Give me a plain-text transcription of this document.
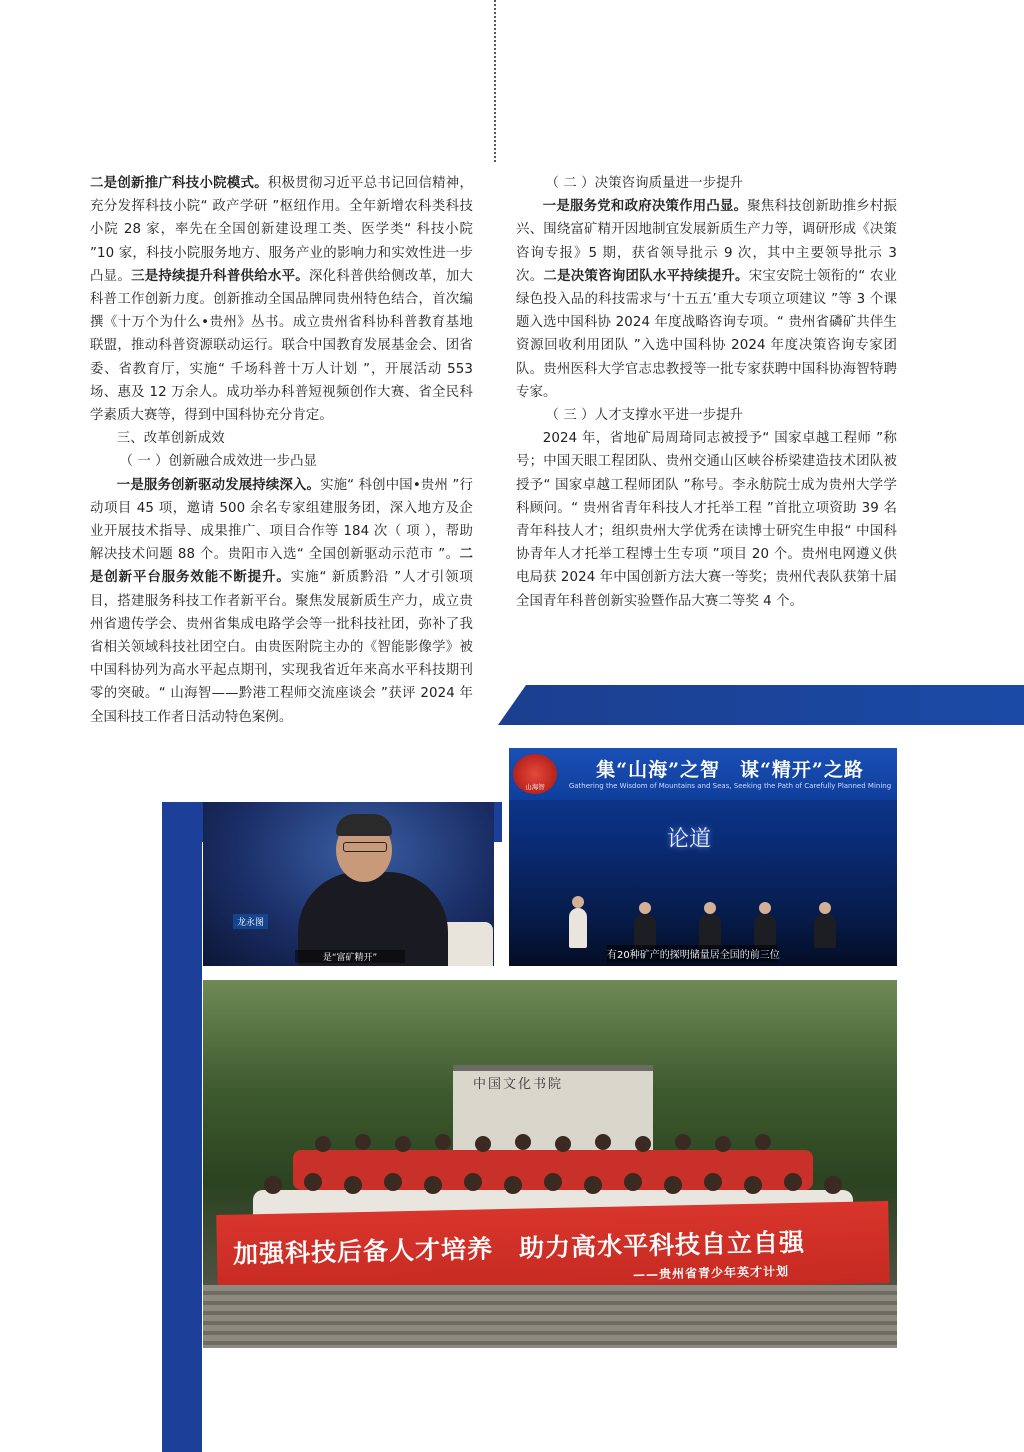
二是创新推广科技小院模式。积极贯彻习近平总书记回信精神，充分发挥科技小院“ 政产学研 ”枢纽作用。全年新增农科类科技小院 28 家，率先在全国创新建设理工类、医学类“ 科技小院 ”10 家，科技小院服务地方、服务产业的影响力和实效性进一步凸显。三是持续提升科普供给水平。深化科普供给侧改革，加大科普工作创新力度。创新推动全国品牌同贵州特色结合，首次编撰《十万个为什么•贵州》丛书。成立贵州省科协科普教育基地联盟，推动科普资源联动运行。联合中国教育发展基金会、团省委、省教育厅，实施“ 千场科普十万人计划 ”，开展活动 553 场、惠及 12 万余人。成功举办科普短视频创作大赛、省全民科学素质大赛等，得到中国科协充分肯定。

三、改革创新成效

（ 一 ）创新融合成效进一步凸显

一是服务创新驱动发展持续深入。实施“ 科创中国•贵州 ”行动项目 45 项，邀请 500 余名专家组建服务团，深入地方及企业开展技术指导、成果推广、项目合作等 184 次（ 项 ），帮助解决技术问题 88 个。贵阳市入选“ 全国创新驱动示范市 ”。二是创新平台服务效能不断提升。实施“ 新质黔沿 ”人才引领项目，搭建服务科技工作者新平台。聚焦发展新质生产力，成立贵州省遗传学会、贵州省集成电路学会等一批科技社团，弥补了我省相关领域科技社团空白。由贵医附院主办的《智能影像学》被中国科协列为高水平起点期刊，实现我省近年来高水平科技期刊零的突破。“ 山海智——黔港工程师交流座谈会 ”获评 2024 年全国科技工作者日活动特色案例。

（ 二 ）决策咨询质量进一步提升

一是服务党和政府决策作用凸显。聚焦科技创新助推乡村振兴、围绕富矿精开因地制宜发展新质生产力等，调研形成《决策咨询专报》5 期，获省领导批示 9 次，其中主要领导批示 3 次。二是决策咨询团队水平持续提升。宋宝安院士领衔的“ 农业绿色投入品的科技需求与‘十五五’重大专项立项建议 ”等 3 个课题入选中国科协 2024 年度战略咨询专项。“ 贵州省磷矿共伴生资源回收利用团队 ”入选中国科协 2024 年度决策咨询专家团队。贵州医科大学官志忠教授等一批专家获聘中国科协海智特聘专家。

（ 三 ）人才支撑水平进一步提升

2024 年，省地矿局周琦同志被授予“ 国家卓越工程师 ”称号；中国天眼工程团队、贵州交通山区峡谷桥梁建造技术团队被授予“ 国家卓越工程师团队 ”称号。李永舫院士成为贵州大学学科顾问。“ 贵州省青年科技人才托举工程 ”首批立项资助 39 名青年科技人才；组织贵州大学优秀在读博士研究生申报“ 中国科协青年人才托举工程博士生专项 ”项目 20 个。贵州电网遵义供电局获 2024 年中国创新方法大赛一等奖；贵州代表队获第十届全国青年科普创新实验暨作品大赛二等奖 4 个。

山海智
集“山海”之智　谋“精开”之路
Gathering the Wisdom of Mountains and Seas, Seeking the Path of Carefully Planned Mining
论道
有20种矿产的探明储量居全国的前三位
龙永图
是“富矿精开”
中国文化书院
加强科技后备人才培养　助力高水平科技自立自强
——贵州省青少年英才计划
